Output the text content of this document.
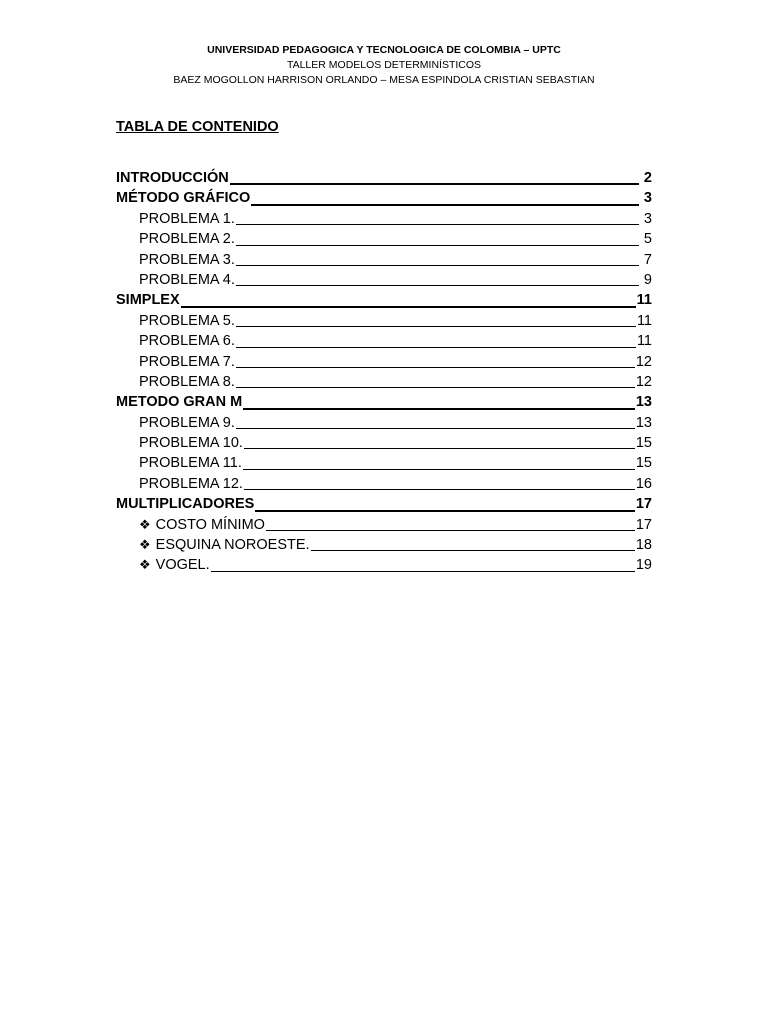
UNIVERSIDAD PEDAGOGICA Y TECNOLOGICA DE COLOMBIA – UPTC
TALLER MODELOS DETERMINÍSTICOS
BAEZ MOGOLLON HARRISON ORLANDO – MESA ESPINDOLA CRISTIAN SEBASTIAN
TABLA DE CONTENIDO
INTRODUCCIÓN	2
MÉTODO GRÁFICO	3
PROBLEMA 1.	3
PROBLEMA 2.	5
PROBLEMA 3.	7
PROBLEMA 4.	9
SIMPLEX	11
PROBLEMA 5.	11
PROBLEMA 6.	11
PROBLEMA 7.	12
PROBLEMA 8.	12
METODO GRAN M	13
PROBLEMA 9.	13
PROBLEMA 10.	15
PROBLEMA 11.	15
PROBLEMA 12.	16
MULTIPLICADORES	17
❖ COSTO MÍNIMO	17
❖ ESQUINA NOROESTE.	18
❖ VOGEL.	19
